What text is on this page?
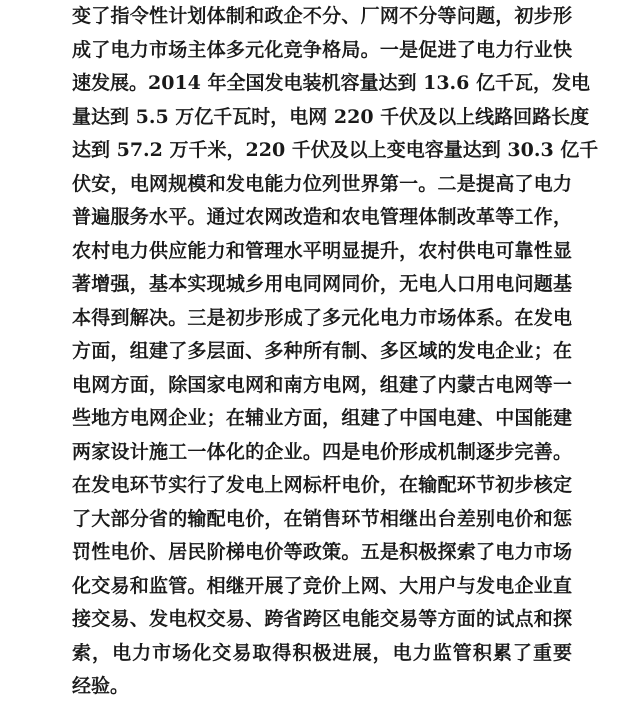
变了指令性计划体制和政企不分、厂网不分等问题，初步形
成了电力市场主体多元化竞争格局。一是促进了电力行业快
速发展。2014 年全国发电装机容量达到 13.6 亿千瓦，发电
量达到 5.5 万亿千瓦时，电网 220 千伏及以上线路回路长度
达到 57.2 万千米，220 千伏及以上变电容量达到 30.3 亿千
伏安，电网规模和发电能力位列世界第一。二是提高了电力
普遍服务水平。通过农网改造和农电管理体制改革等工作，
农村电力供应能力和管理水平明显提升，农村供电可靠性显
著增强，基本实现城乡用电同网同价，无电人口用电问题基
本得到解决。三是初步形成了多元化电力市场体系。在发电
方面，组建了多层面、多种所有制、多区域的发电企业；在
电网方面，除国家电网和南方电网，组建了内蒙古电网等一
些地方电网企业；在辅业方面，组建了中国电建、中国能建
两家设计施工一体化的企业。四是电价形成机制逐步完善。
在发电环节实行了发电上网标杆电价，在输配环节初步核定
了大部分省的输配电价，在销售环节相继出台差别电价和惩
罚性电价、居民阶梯电价等政策。五是积极探索了电力市场
化交易和监管。相继开展了竞价上网、大用户与发电企业直
接交易、发电权交易、跨省跨区电能交易等方面的试点和探
索，电力市场化交易取得积极进展，电力监管积累了重要
经验。
